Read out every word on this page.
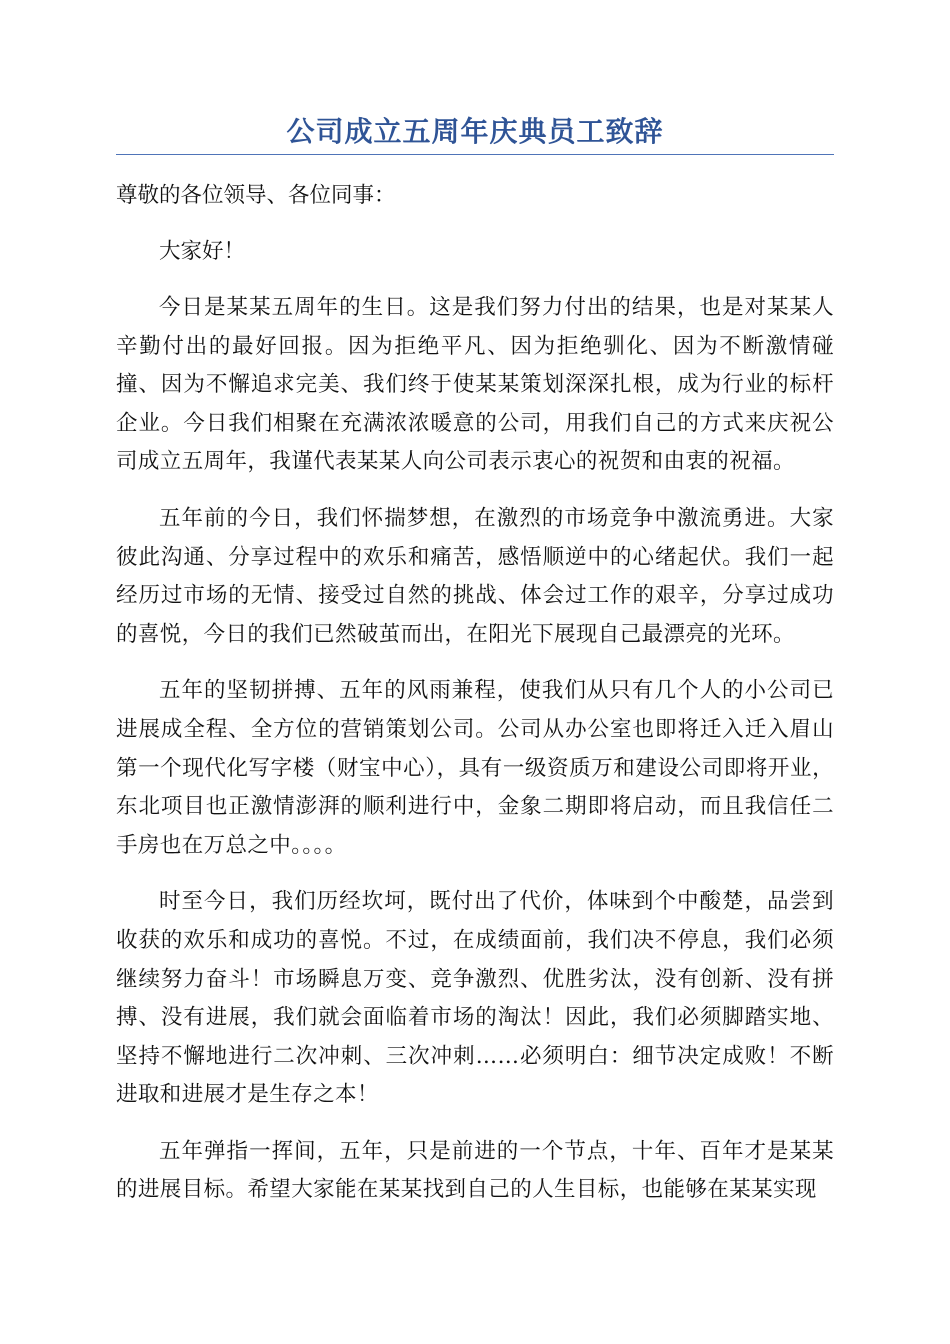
公司成立五周年庆典员工致辞

尊敬的各位领导、各位同事：

大家好！

今日是某某五周年的生日。这是我们努力付出的结果，也是对某某人辛勤付出的最好回报。因为拒绝平凡、因为拒绝驯化、因为不断激情碰撞、因为不懈追求完美、我们终于使某某策划深深扎根，成为行业的标杆企业。今日我们相聚在充满浓浓暖意的公司，用我们自己的方式来庆祝公司成立五周年，我谨代表某某人向公司表示衷心的祝贺和由衷的祝福。

五年前的今日，我们怀揣梦想，在激烈的市场竞争中激流勇进。大家彼此沟通、分享过程中的欢乐和痛苦，感悟顺逆中的心绪起伏。我们一起经历过市场的无情、接受过自然的挑战、体会过工作的艰辛，分享过成功的喜悦，今日的我们已然破茧而出，在阳光下展现自己最漂亮的光环。

五年的坚韧拼搏、五年的风雨兼程，使我们从只有几个人的小公司已进展成全程、全方位的营销策划公司。公司从办公室也即将迁入迁入眉山第一个现代化写字楼（财宝中心），具有一级资质万和建设公司即将开业，东北项目也正激情澎湃的顺利进行中，金象二期即将启动，而且我信任二手房也在万总之中。。。。

时至今日，我们历经坎坷，既付出了代价，体味到个中酸楚，品尝到收获的欢乐和成功的喜悦。不过，在成绩面前，我们决不停息，我们必须继续努力奋斗！市场瞬息万变、竞争激烈、优胜劣汰，没有创新、没有拼搏、没有进展，我们就会面临着市场的淘汰！因此，我们必须脚踏实地、坚持不懈地进行二次冲刺、三次冲刺……必须明白：细节决定成败！不断进取和进展才是生存之本！

五年弹指一挥间，五年，只是前进的一个节点，十年、百年才是某某的进展目标。希望大家能在某某找到自己的人生目标，也能够在某某实现
